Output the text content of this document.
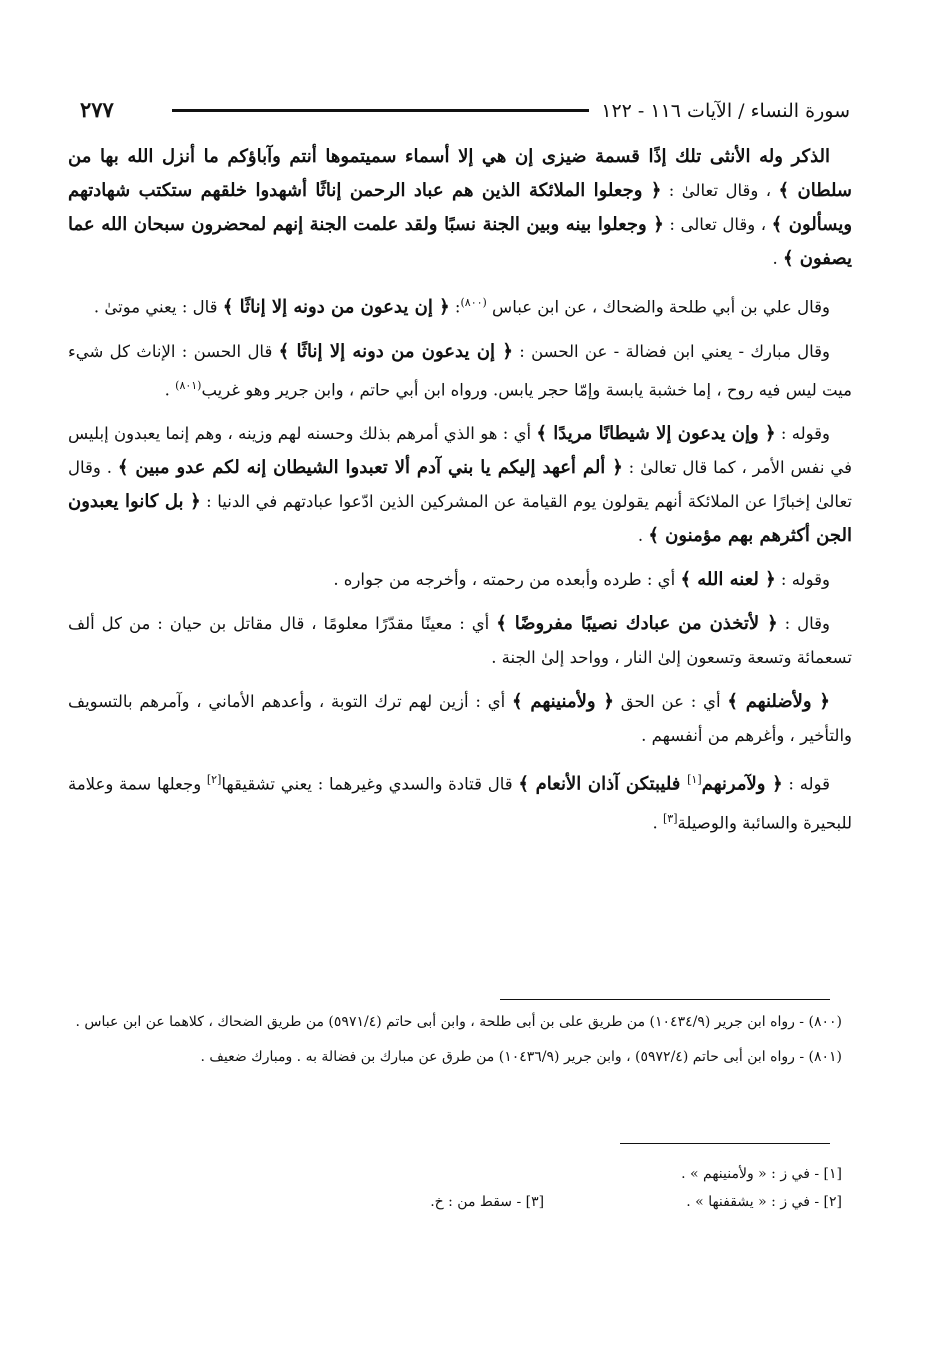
٢٧٧	سورة النساء / الآيات ١١٦ - ١٢٢

الذكر وله الأنثى تلك إذًا قسمة ضيزى إن هي إلا أسماء سميتموها أنتم وآباؤكم ما أنزل الله بها من سلطان ﴾ ، وقال تعالىٰ : ﴿ وجعلوا الملائكة الذين هم عباد الرحمن إناثًا أشهدوا خلقهم ستكتب شهادتهم ويسألون ﴾ ، وقال تعالى : ﴿ وجعلوا بينه وبين الجنة نسبًا ولقد علمت الجنة إنهم لمحضرون سبحان الله عما يصفون ﴾ .

وقال علي بن أبي طلحة والضحاك ، عن ابن عباس $^{(٨٠٠)}$: ﴿ إن يدعون من دونه إلا إناثًا ﴾ قال : يعني موتىٰ .

وقال مبارك - يعني ابن فضالة - عن الحسن : ﴿ إن يدعون من دونه إلا إناثًا ﴾ قال الحسن : الإناث كل شيء ميت ليس فيه روح ، إما خشبة يابسة وإمّا حجر يابس. ورواه ابن أبي حاتم ، وابن جرير وهو غريب$^{(٨٠١)}$ .

وقوله : ﴿ وإن يدعون إلا شيطانًا مريدًا ﴾ أي : هو الذي أمرهم بذلك وحسنه لهم وزينه ، وهم إنما يعبدون إبليس في نفس الأمر ، كما قال تعالىٰ : ﴿ ألم أعهد إليكم يا بني آدم ألا تعبدوا الشيطان إنه لكم عدو مبين ﴾ . وقال تعالىٰ إخبارًا عن الملائكة أنهم يقولون يوم القيامة عن المشركين الذين ادّعوا عبادتهم في الدنيا : ﴿ بل كانوا يعبدون الجن أكثرهم بهم مؤمنون ﴾ .

وقوله : ﴿ لعنه الله ﴾ أي : طرده وأبعده من رحمته ، وأخرجه من جواره .

وقال : ﴿ لأتخذن من عبادك نصيبًا مفروضًا ﴾ أي : معينًا مقدّرًا معلومًا ، قال مقاتل بن حيان : من كل ألف تسعمائة وتسعة وتسعون إلىٰ النار ، وواحد إلىٰ الجنة .

﴿ ولأضلنهم ﴾ أي : عن الحق ﴿ ولأمنينهم ﴾ أي : أزين لهم ترك التوبة ، وأعدهم الأماني ، وآمرهم بالتسويف والتأخير ، وأغرهم من أنفسهم .

قوله : ﴿ ولآمرنهم[١] فليبتكن آذان الأنعام ﴾ قال قتادة والسدي وغيرهما : يعني تشقيقها[٢] وجعلها سمة وعلامة للبحيرة والسائبة والوصيلة[٣] .

(٨٠٠) - رواه ابن جرير (١٠٤٣٤/٩) من طريق على بن أبى طلحة ، وابن أبى حاتم (٥٩٧١/٤) من طريق الضحاك ، كلاهما عن ابن عباس .

(٨٠١) - رواه ابن أبى حاتم (٥٩٧٢/٤) ، وابن جرير (١٠٤٣٦/٩) من طرق عن مبارك بن فضالة به . ومبارك ضعيف .

[١] - في ز : « ولأمنينهم » .
[٢] - في ز : « يشقفنها » .
[٣] - سقط من : خ.
